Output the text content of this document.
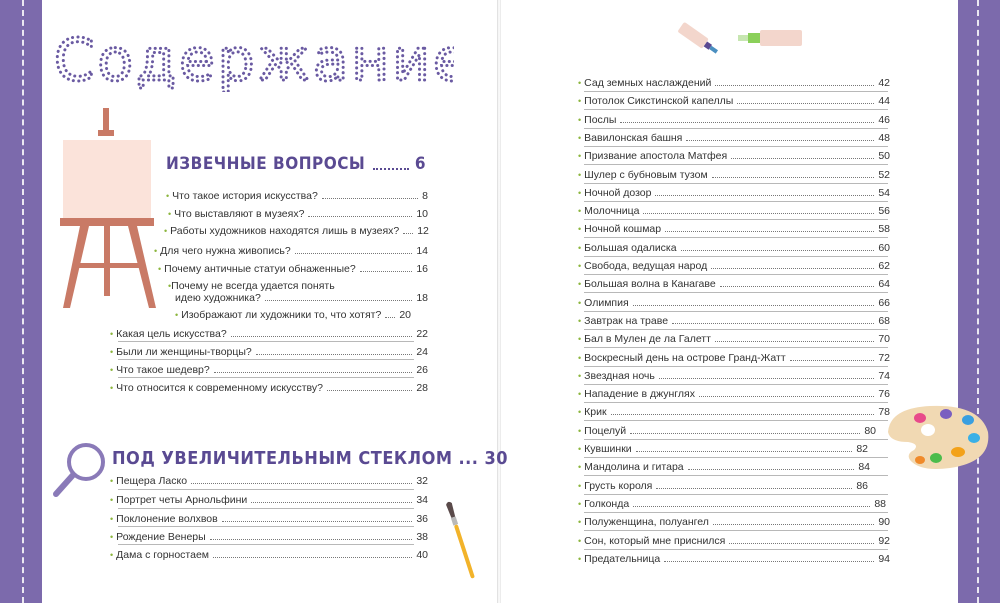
Содержание
ИЗВЕЧНЫЕ ВОПРОСЫ	6
• Что такое история искусства?	8
• Что выставляют в музеях?	10
• Работы художников находятся лишь в музеях? 12
• Для чего нужна живопись?	14
• Почему античные статуи обнаженные?	16
•Почему не всегда удается понять
идею художника?	18
• Изображают ли художники то, что хотят? 20
• Какая цель искусства?	22
• Были ли женщины-творцы?	24
• Что такое шедевр?	26
• Что относится к современному искусству?	28
ПОД УВЕЛИЧИТЕЛЬНЫМ СТЕКЛОМ ... 30
• Пещера Ласко	32
• Портрет четы Арнольфини	34
• Поклонение волхвов	36
• Рождение Венеры	38
• Дама с горностаем	40
• Сад земных наслаждений	42
• Потолок Сикстинской капеллы	44
• Послы	46
• Вавилонская башня	48
• Призвание апостола Матфея	50
• Шулер с бубновым тузом	52
• Ночной дозор	54
• Молочница	56
• Ночной кошмар	58
• Большая одалиска	60
• Свобода, ведущая народ	62
• Большая волна в Канагаве	64
• Олимпия	66
• Завтрак на траве	68
• Бал в Мулен де ла Галетт	70
• Воскресный день на острове Гранд-Жатт	72
• Звездная ночь	74
• Нападение в джунглях	76
• Крик	78
• Поцелуй	80
• Кувшинки	82
• Мандолина и гитара	84
• Грусть короля	86
• Голконда	88
• Полуженщина, полуангел	90
• Сон, который мне приснился	92
• Предательница	94
